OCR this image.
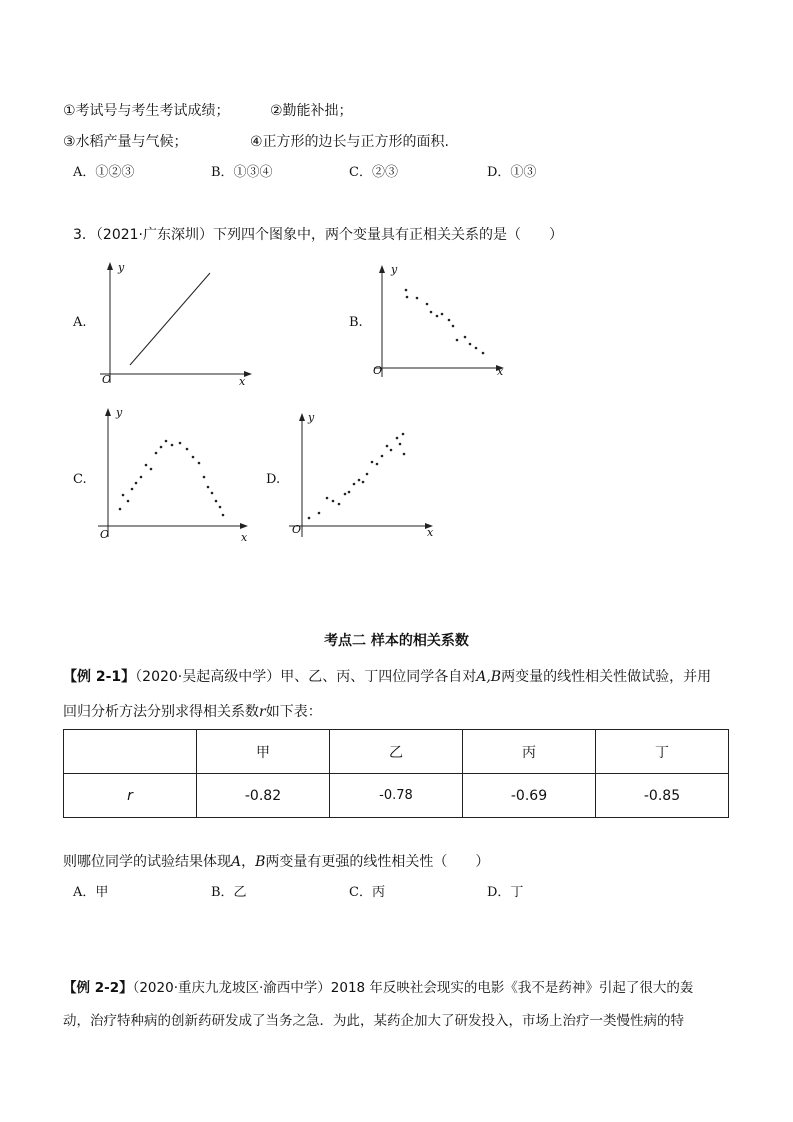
①考试号与考生考试成绩；	②勤能补拙；
③水稻产量与气候；	④正方形的边长与正方形的面积.
A．①②③	B．①③④	C．②③	D．①③
3．（2021·广东深圳）下列四个图象中，两个变量具有正相关关系的是（　　）
A.
y
x
O
B.
y
x
O
C.
y
x
O
D.
y
x
O
考点二 样本的相关系数
【例 2-1】（2020·吴起高级中学）甲、乙、丙、丁四位同学各自对A,B两变量的线性相关性做试验，并用
回归分析方法分别求得相关系数r如下表：
	甲	乙	丙	丁
r	-0.82	-0.78	-0.69	-0.85
则哪位同学的试验结果体现A，B两变量有更强的线性相关性（　　）
A．甲	B．乙	C．丙	D．丁
【例 2-2】（2020·重庆九龙坡区·渝西中学）2018 年反映社会现实的电影《我不是药神》引起了很大的轰
动，治疗特种病的创新药研发成了当务之急．为此，某药企加大了研发投入，市场上治疗一类慢性病的特
